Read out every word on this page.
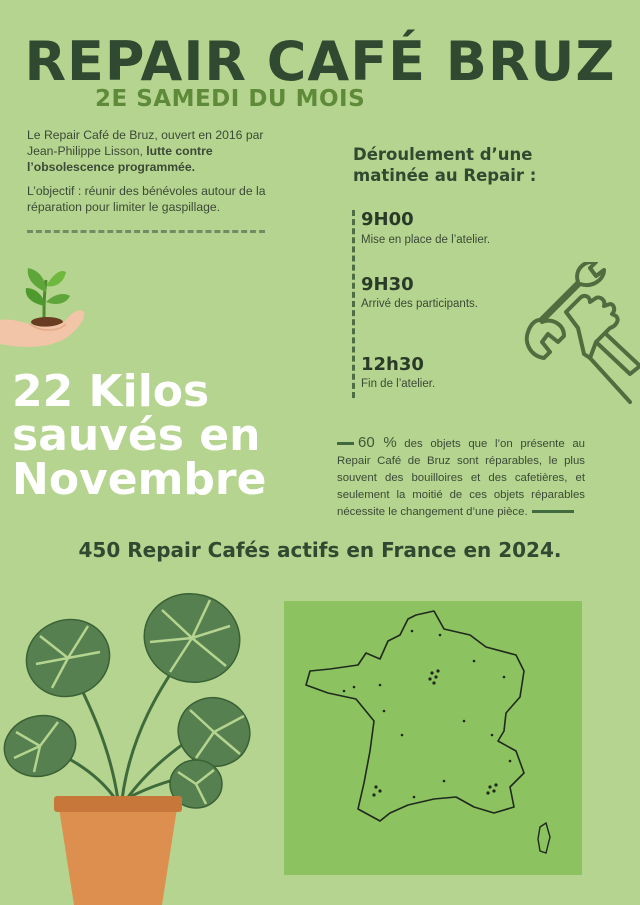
REPAIR CAFÉ BRUZ
2E SAMEDI DU MOIS

Le Repair Café de Bruz, ouvert en 2016 par Jean-Philippe Lisson, lutte contre l’obsolescence programmée.

L’objectif : réunir des bénévoles autour de la réparation pour limiter le gaspillage.

22 Kilos
sauvés en
Novembre
Déroulement d’une matinée au Repair :
9H00
Mise en place de l’atelier.
9H30
Arrivé des participants.
12h30
Fin de l’atelier.
60 % des objets que l’on présente au Repair Café de Bruz sont réparables, le plus souvent des bouilloires et des cafetières, et seulement la moitié de ces objets réparables nécessite le changement d’une pièce.
450 Repair Cafés actifs en France en 2024.
